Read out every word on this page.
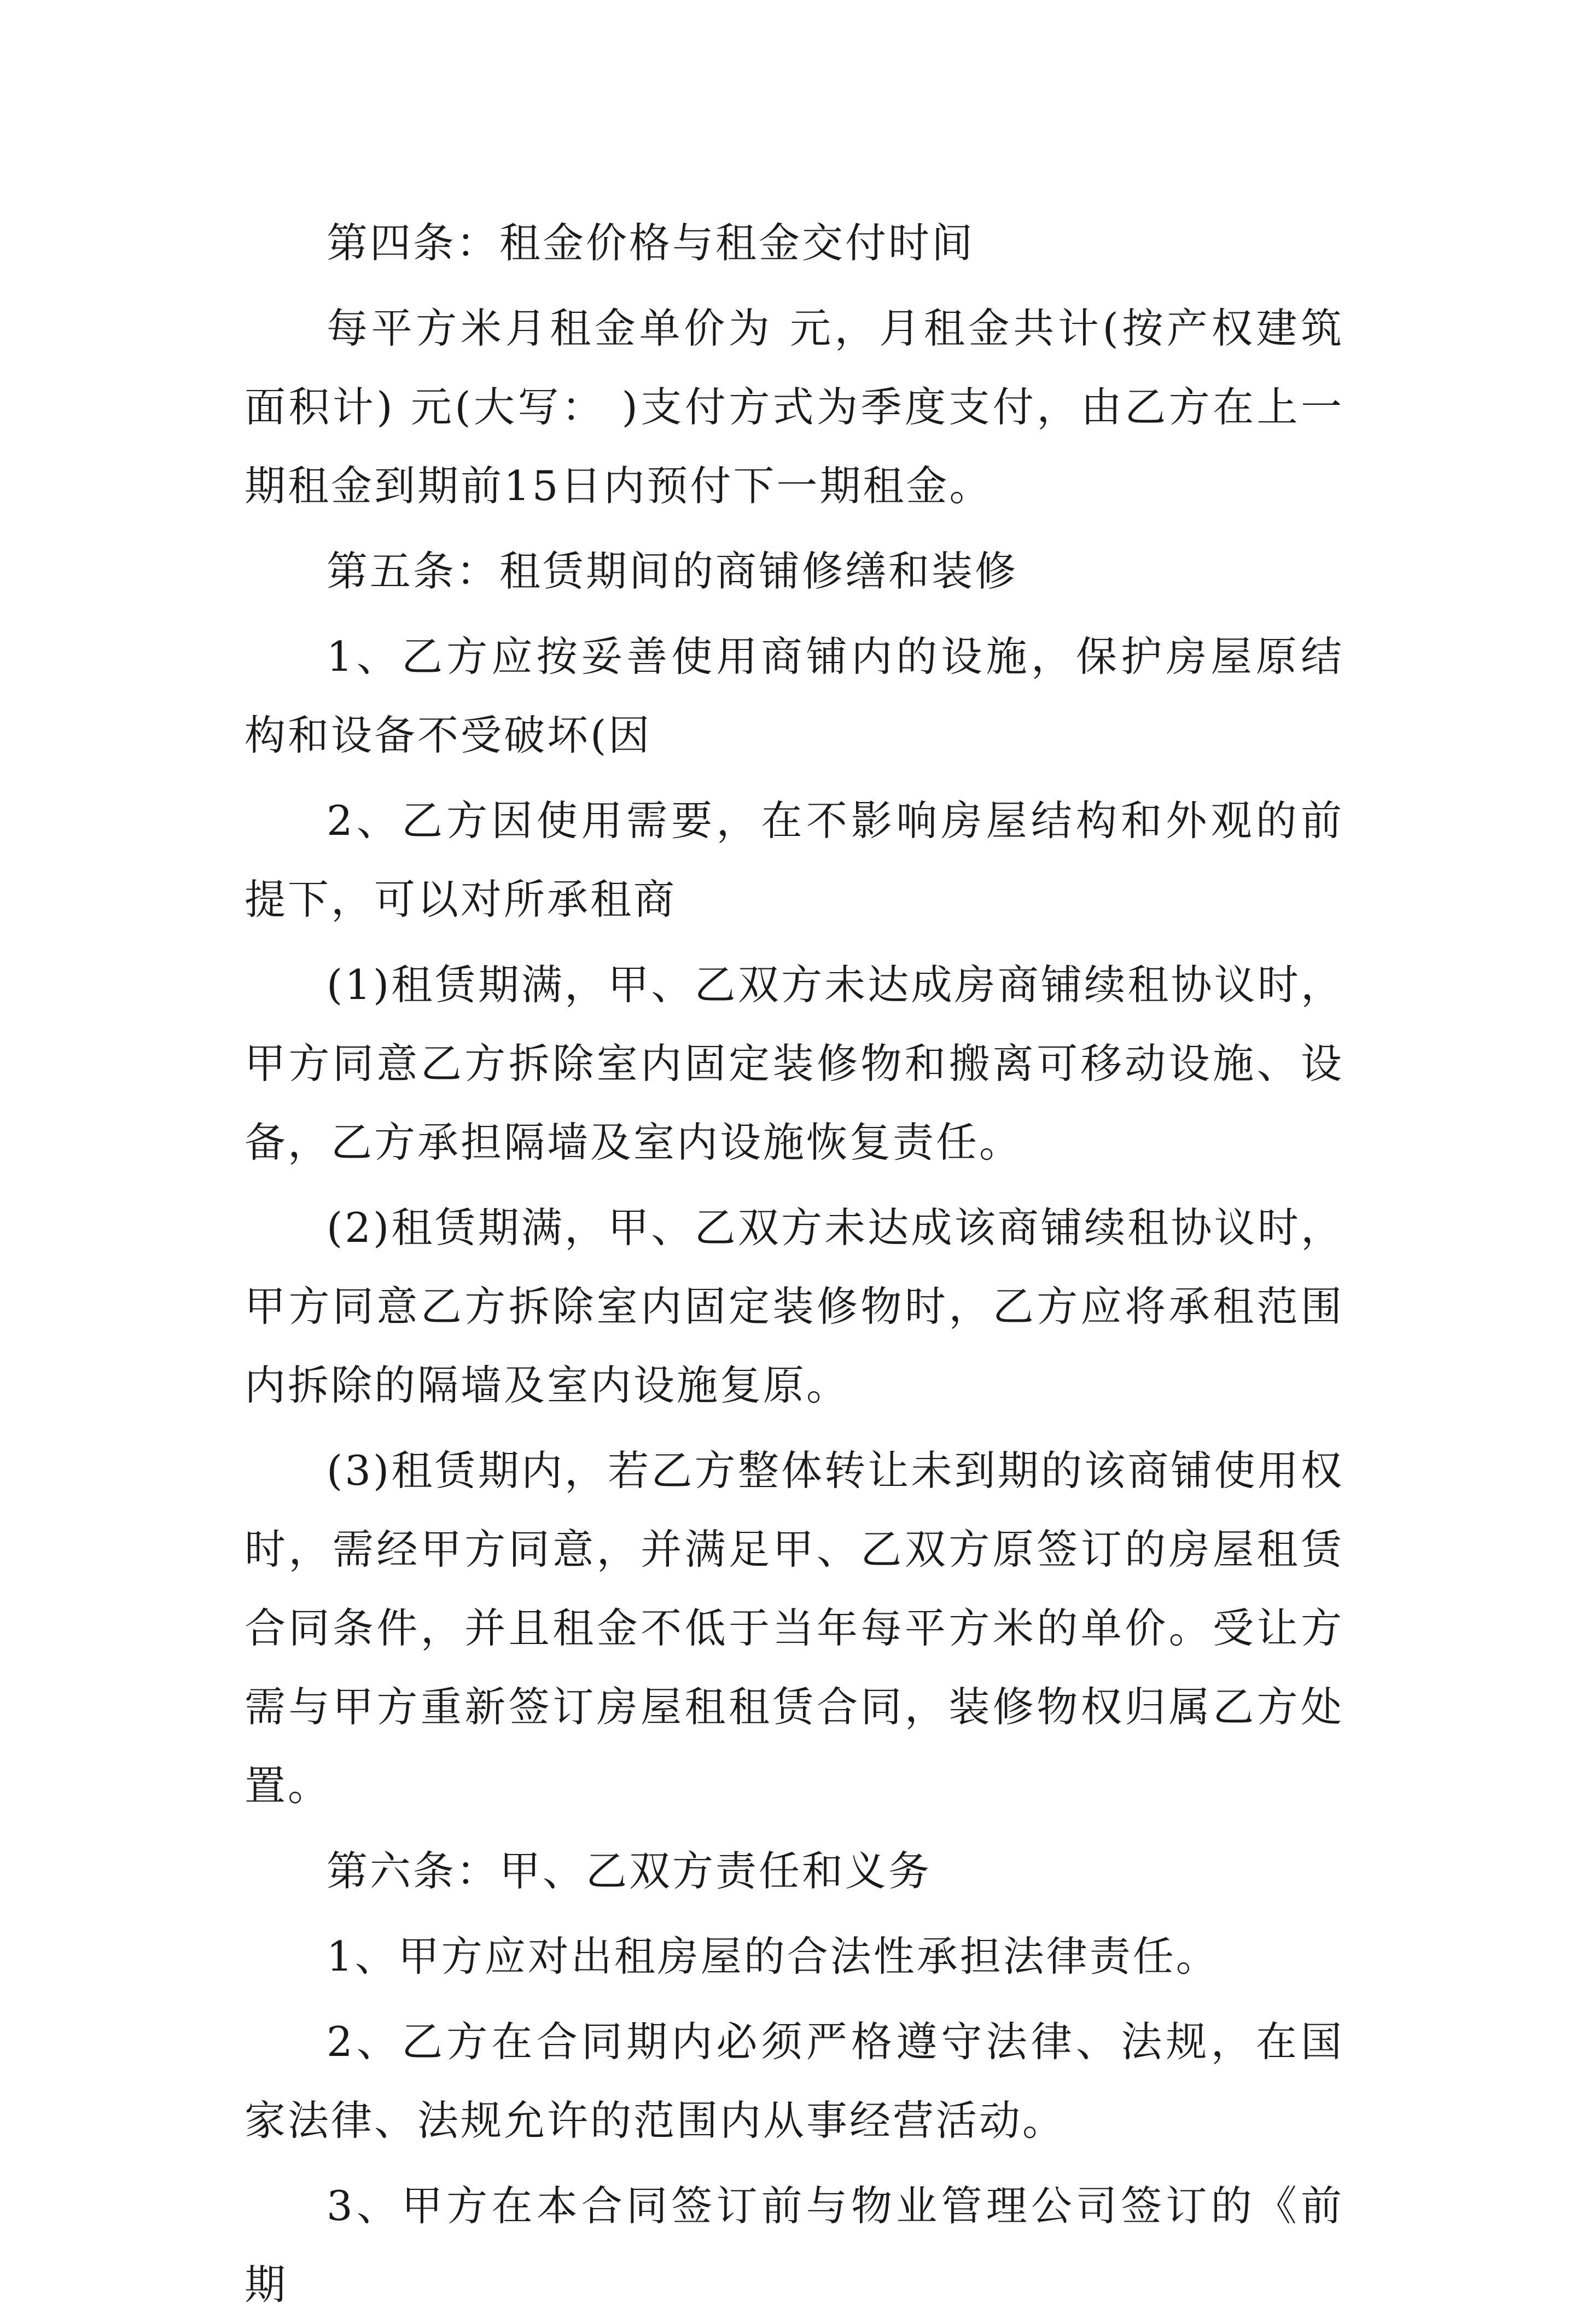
第四条：租金价格与租金交付时间

每平方米月租金单价为 元，月租金共计(按产权建筑面积计) 元(大写： )支付方式为季度支付，由乙方在上一期租金到期前15日内预付下一期租金。

第五条：租赁期间的商铺修缮和装修

1、乙方应按妥善使用商铺内的设施，保护房屋原结构和设备不受破坏(因

2、乙方因使用需要，在不影响房屋结构和外观的前提下，可以对所承租商

(1)租赁期满，甲、乙双方未达成房商铺续租协议时，甲方同意乙方拆除室内固定装修物和搬离可移动设施、设备，乙方承担隔墙及室内设施恢复责任。

(2)租赁期满，甲、乙双方未达成该商铺续租协议时，甲方同意乙方拆除室内固定装修物时，乙方应将承租范围内拆除的隔墙及室内设施复原。

(3)租赁期内，若乙方整体转让未到期的该商铺使用权时，需经甲方同意，并满足甲、乙双方原签订的房屋租赁合同条件，并且租金不低于当年每平方米的单价。受让方需与甲方重新签订房屋租租赁合同，装修物权归属乙方处置。

第六条：甲、乙双方责任和义务

1、甲方应对出租房屋的合法性承担法律责任。

2、乙方在合同期内必须严格遵守法律、法规，在国家法律、法规允许的范围内从事经营活动。

3、甲方在本合同签订前与物业管理公司签订的《前期
